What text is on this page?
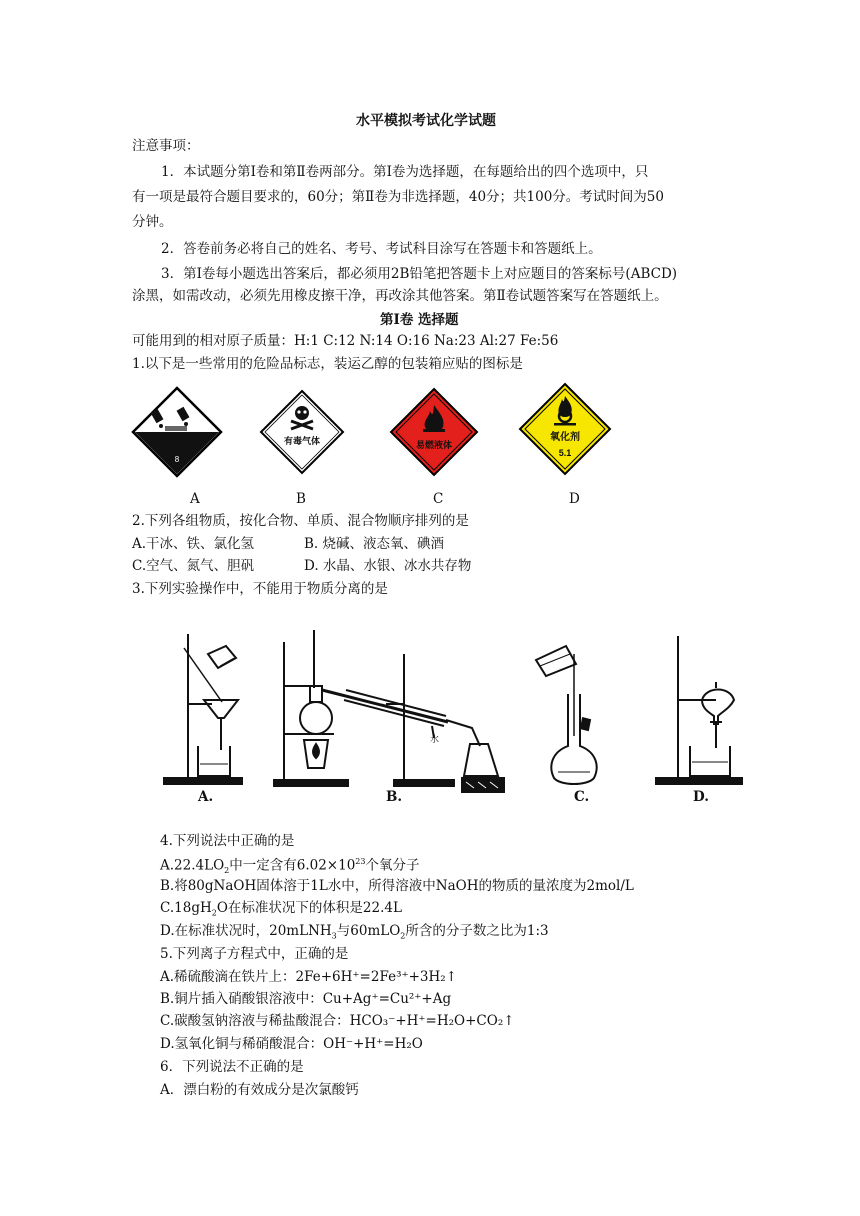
水平模拟考试化学试题
注意事项：
1．本试题分第Ⅰ卷和第Ⅱ卷两部分。第Ⅰ卷为选择题，在每题给出的四个选项中，只
有一项是最符合题目要求的，60分；第Ⅱ卷为非选择题，40分；共100分。考试时间为50
分钟。
2．答卷前务必将自己的姓名、考号、考试科目涂写在答题卡和答题纸上。
3．第Ⅰ卷每小题选出答案后，都必须用2B铅笔把答题卡上对应题目的答案标号(ABCD)
涂黑，如需改动，必须先用橡皮擦干净，再改涂其他答案。第Ⅱ卷试题答案写在答题纸上。
第Ⅰ卷 选择题
可能用到的相对原子质量：H:1 C:12 N:14 O:16 Na:23 Al:27 Fe:56
1.以下是一些常用的危险品标志，装运乙醇的包装箱应贴的图标是
8
有毒气体	易燃液体
氧化剂
5.1
A	B	C	D
2.下列各组物质，按化合物、单质、混合物顺序排列的是
A.干冰、铁、氯化氢	B. 烧碱、液态氧、碘酒
C.空气、氮气、胆矾	D. 水晶、水银、冰水共存物
3.下列实验操作中，不能用于物质分离的是
水
A.	B.	C.	D.
4.下列说法中正确的是
$A.22.4LO_2$中一定含有$6.02\times 10^{23}$个氧分子
B.将80gNaOH固体溶于1L水中，所得溶液中NaOH的物质的量浓度为2mol/L
$C.18gH_2O$在标准状况下的体积是22.4L
D.在标准状况时，20mLNH$_3$与60mLO$_2$所含的分子数之比为1:3
5.下列离子方程式中，正确的是
A.稀硫酸滴在铁片上：2Fe+6H⁺=2Fe³⁺+3H₂↑
B.铜片插入硝酸银溶液中：Cu+Ag⁺=Cu²⁺+Ag
C.碳酸氢钠溶液与稀盐酸混合：HCO₃⁻+H⁺=H₂O+CO₂↑
D.氢氧化铜与稀硝酸混合：OH⁻+H⁺=H₂O
6．下列说法不正确的是
A．漂白粉的有效成分是次氯酸钙
